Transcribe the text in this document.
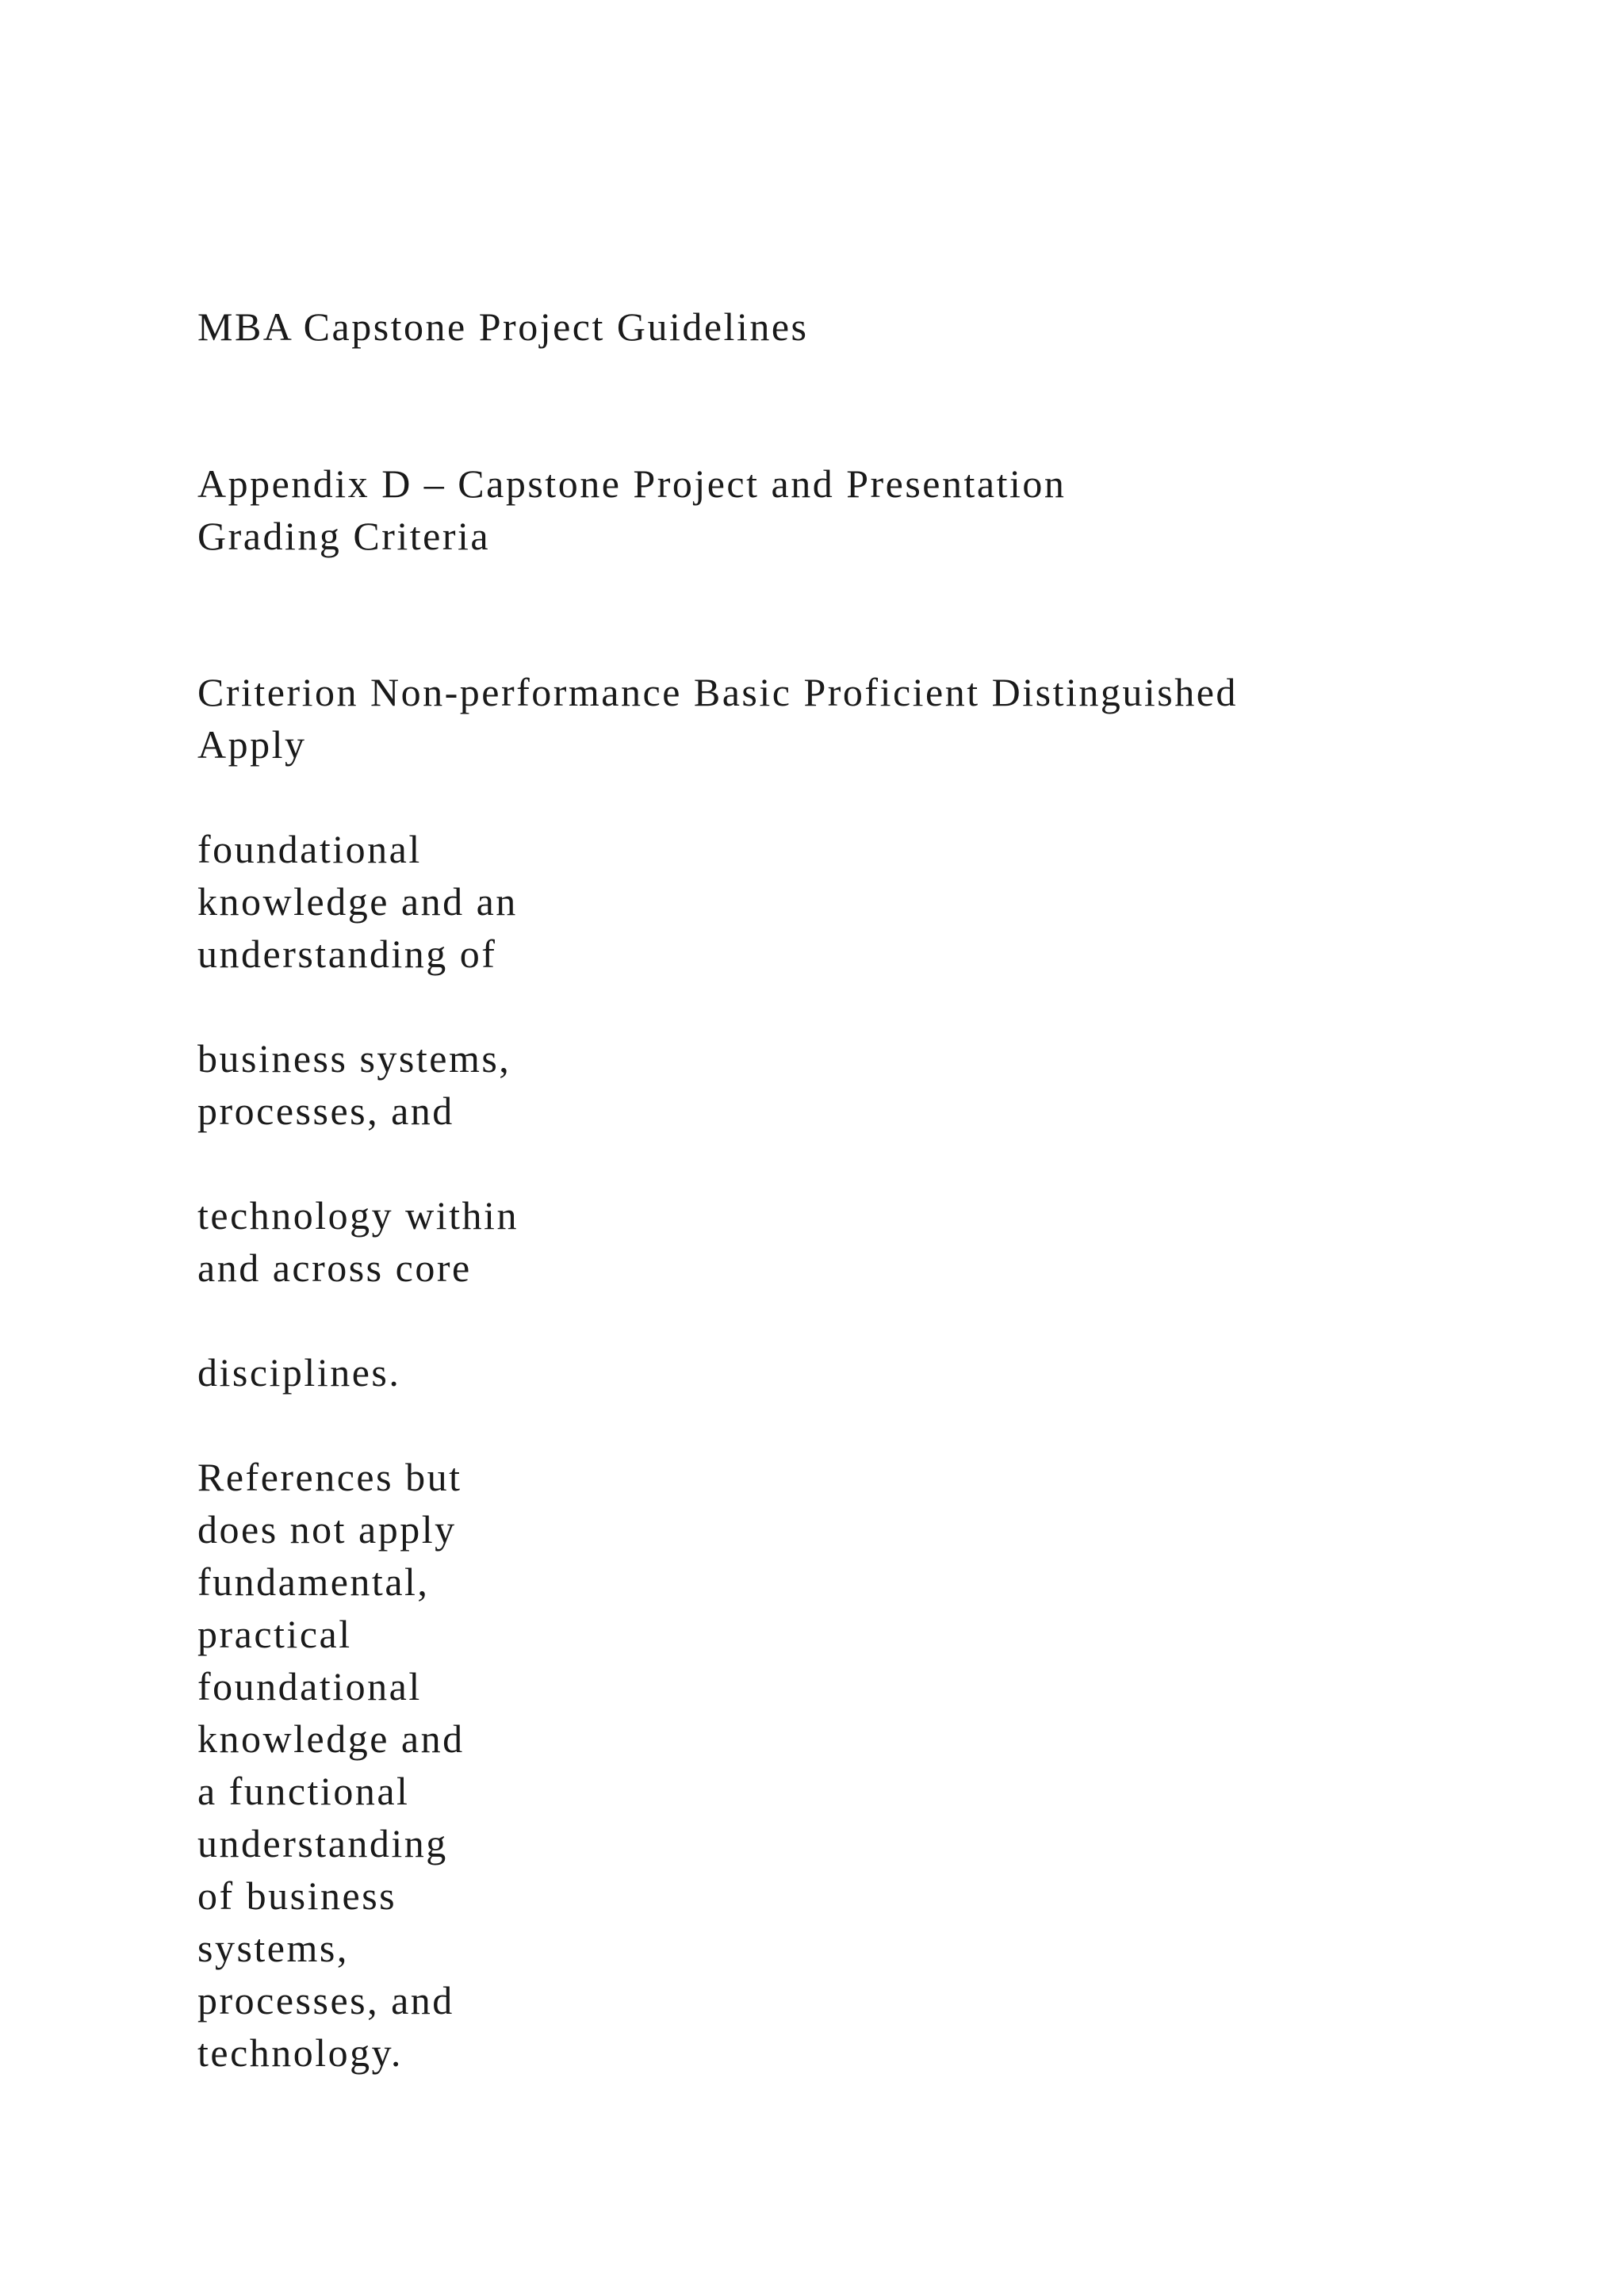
MBA Capstone Project Guidelines

Appendix D – Capstone Project and Presentation

Grading Criteria

Criterion Non-performance Basic Proficient Distinguished

Apply

foundational

knowledge and an

understanding of

business systems,

processes, and

technology within

and across core

disciplines.

References but

does not apply

fundamental,

practical

foundational

knowledge and

a functional

understanding

of business

systems,

processes, and

technology.
